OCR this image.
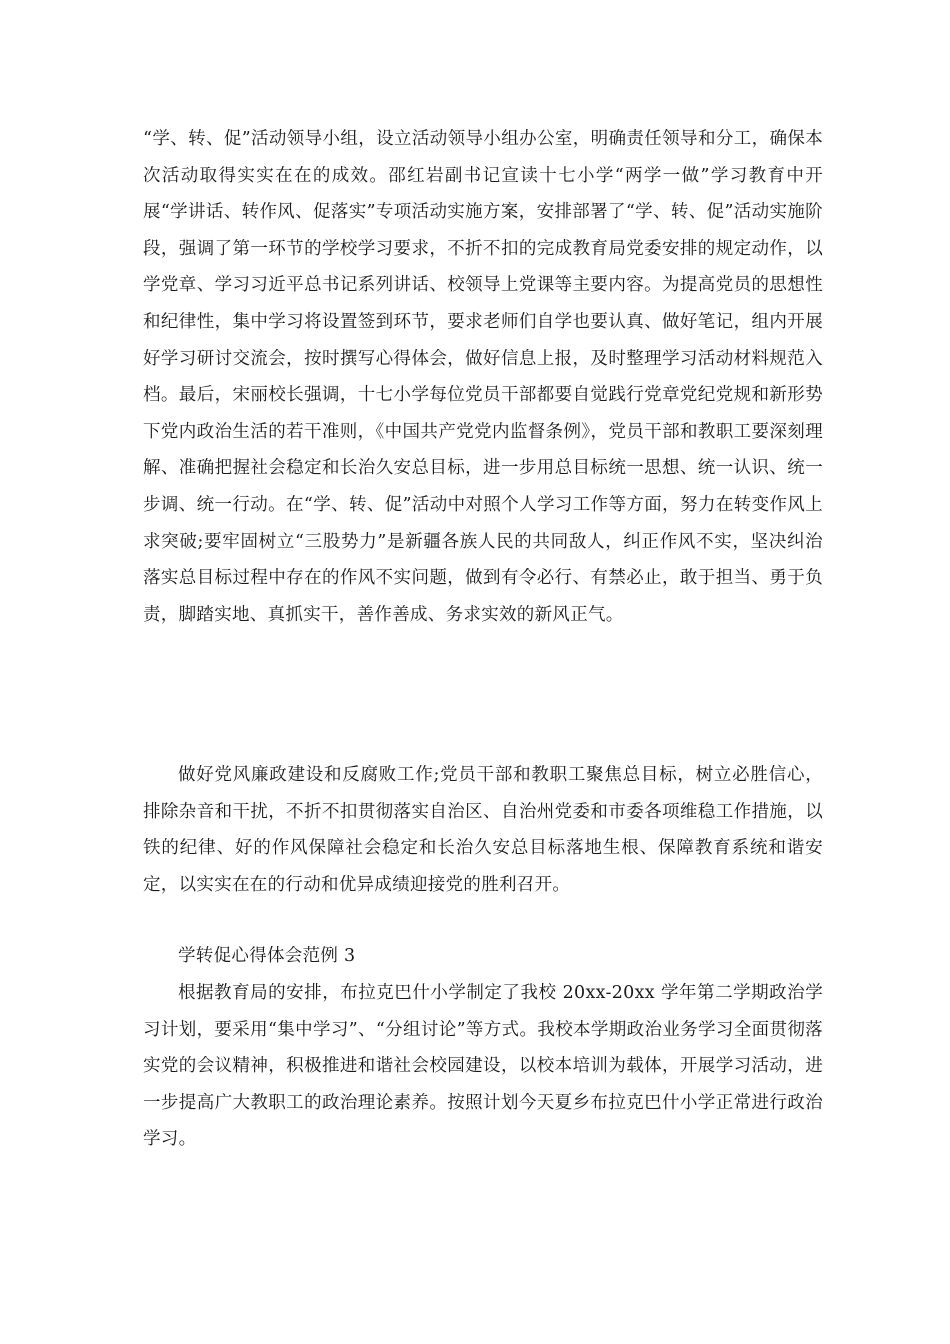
“学、转、促”活动领导小组，设立活动领导小组办公室，明确责任领导和分工，确保本次活动取得实实在在的成效。邵红岩副书记宣读十七小学“两学一做”学习教育中开展“学讲话、转作风、促落实”专项活动实施方案，安排部署了“学、转、促”活动实施阶段，强调了第一环节的学校学习要求，不折不扣的完成教育局党委安排的规定动作，以学党章、学习习近平总书记系列讲话、校领导上党课等主要内容。为提高党员的思想性和纪律性，集中学习将设置签到环节，要求老师们自学也要认真、做好笔记，组内开展好学习研讨交流会，按时撰写心得体会，做好信息上报，及时整理学习活动材料规范入档。最后，宋丽校长强调，十七小学每位党员干部都要自觉践行党章党纪党规和新形势下党内政治生活的若干准则，《中国共产党党内监督条例》，党员干部和教职工要深刻理解、准确把握社会稳定和长治久安总目标，进一步用总目标统一思想、统一认识、统一步调、统一行动。在“学、转、促”活动中对照个人学习工作等方面，努力在转变作风上求突破;要牢固树立“三股势力”是新疆各族人民的共同敌人，纠正作风不实，坚决纠治落实总目标过程中存在的作风不实问题，做到有令必行、有禁必止，敢于担当、勇于负责，脚踏实地、真抓实干，善作善成、务求实效的新风正气。

做好党风廉政建设和反腐败工作;党员干部和教职工聚焦总目标，树立必胜信心，排除杂音和干扰，不折不扣贯彻落实自治区、自治州党委和市委各项维稳工作措施，以铁的纪律、好的作风保障社会稳定和长治久安总目标落地生根、保障教育系统和谐安定，以实实在在的行动和优异成绩迎接党的胜利召开。

学转促心得体会范例 3

根据教育局的安排，布拉克巴什小学制定了我校 20xx-20xx 学年第二学期政治学习计划，要采用“集中学习”、“分组讨论”等方式。我校本学期政治业务学习全面贯彻落实党的会议精神，积极推进和谐社会校园建设，以校本培训为载体，开展学习活动，进一步提高广大教职工的政治理论素养。按照计划今天夏乡布拉克巴什小学正常进行政治学习。
